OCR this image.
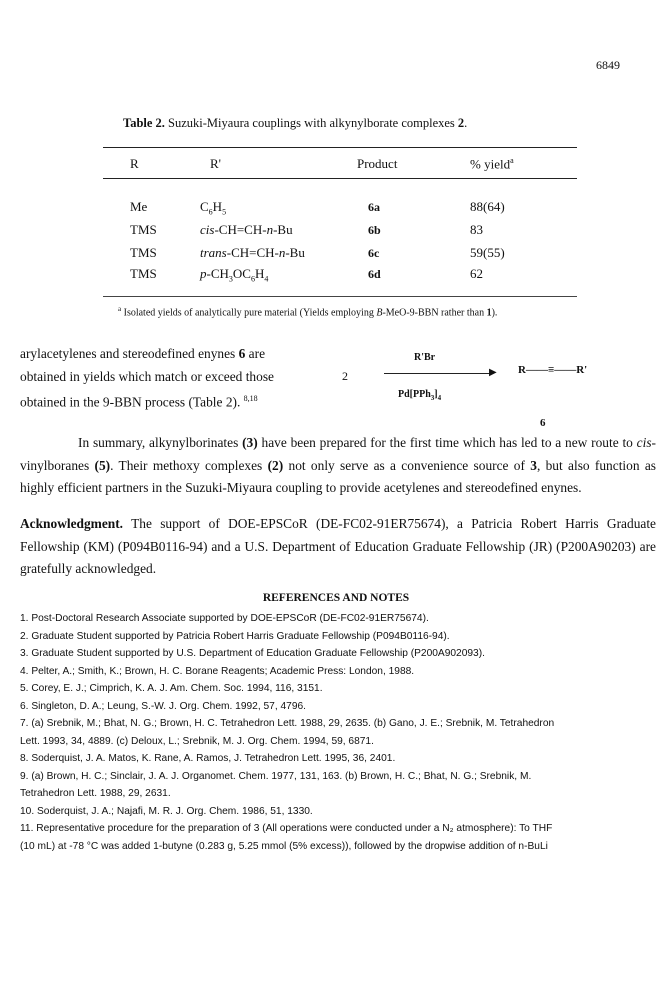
6849
Table 2. Suzuki-Miyaura couplings with alkynylborate complexes 2.
R	R'	Product	% yield$^a$
Me	$C_6H_5$	6a	88(64)
TMS	cis-CH=CH-n-Bu	6b	83
TMS	trans-CH=CH-n-Bu	6c	59(55)
TMS	$p-CH_3OC_6H_4$	6d	62
$^a$ Isolated yields of analytically pure material (Yields employing B-MeO-9-BBN rather than 1).
arylacetylenes and stereodefined enynes 6 are
obtained in yields which match or exceed those
obtained in the 9-BBN process (Table 2). $^{8,18}$
2
R'Br
▶
$Pd[PPh_3]_4$
R——≡——R'
6
In summary, alkynylborinates (3) have been prepared for the first time which has led to a new route to cis-vinylboranes (5). Their methoxy complexes (2) not only serve as a convenience source of 3, but also function as highly efficient partners in the Suzuki-Miyaura coupling to provide acetylenes and stereodefined enynes.
Acknowledgment. The support of DOE-EPSCoR (DE-FC02-91ER75674), a Patricia Robert Harris Graduate Fellowship (KM) (P094B0116-94) and a U.S. Department of Education Graduate Fellowship (JR) (P200A90203) are gratefully acknowledged.
REFERENCES AND NOTES
1. Post-Doctoral Research Associate supported by DOE-EPSCoR (DE-FC02-91ER75674).
2. Graduate Student supported by Patricia Robert Harris Graduate Fellowship (P094B0116-94).
3. Graduate Student supported by U.S. Department of Education Graduate Fellowship (P200A902093).
4. Pelter, A.; Smith, K.; Brown, H. C. Borane Reagents; Academic Press: London, 1988.
5. Corey, E. J.; Cimprich, K. A. J. Am. Chem. Soc. 1994, 116, 3151.
6. Singleton, D. A.; Leung, S.-W. J. Org. Chem. 1992, 57, 4796.
7. (a) Srebnik, M.; Bhat, N. G.; Brown, H. C. Tetrahedron Lett. 1988, 29, 2635. (b) Gano, J. E.; Srebnik, M. Tetrahedron
Lett. 1993, 34, 4889. (c) Deloux, L.; Srebnik, M. J. Org. Chem. 1994, 59, 6871.
8. Soderquist, J. A. Matos, K. Rane, A. Ramos, J. Tetrahedron Lett. 1995, 36, 2401.
9. (a) Brown, H. C.; Sinclair, J. A. J. Organomet. Chem. 1977, 131, 163. (b) Brown, H. C.; Bhat, N. G.; Srebnik, M.
Tetrahedron Lett. 1988, 29, 2631.
10. Soderquist, J. A.; Najafi, M. R. J. Org. Chem. 1986, 51, 1330.
11. Representative procedure for the preparation of 3 (All operations were conducted under a N₂ atmosphere): To THF
(10 mL) at -78 °C was added 1-butyne (0.283 g, 5.25 mmol (5% excess)), followed by the dropwise addition of n-BuLi
